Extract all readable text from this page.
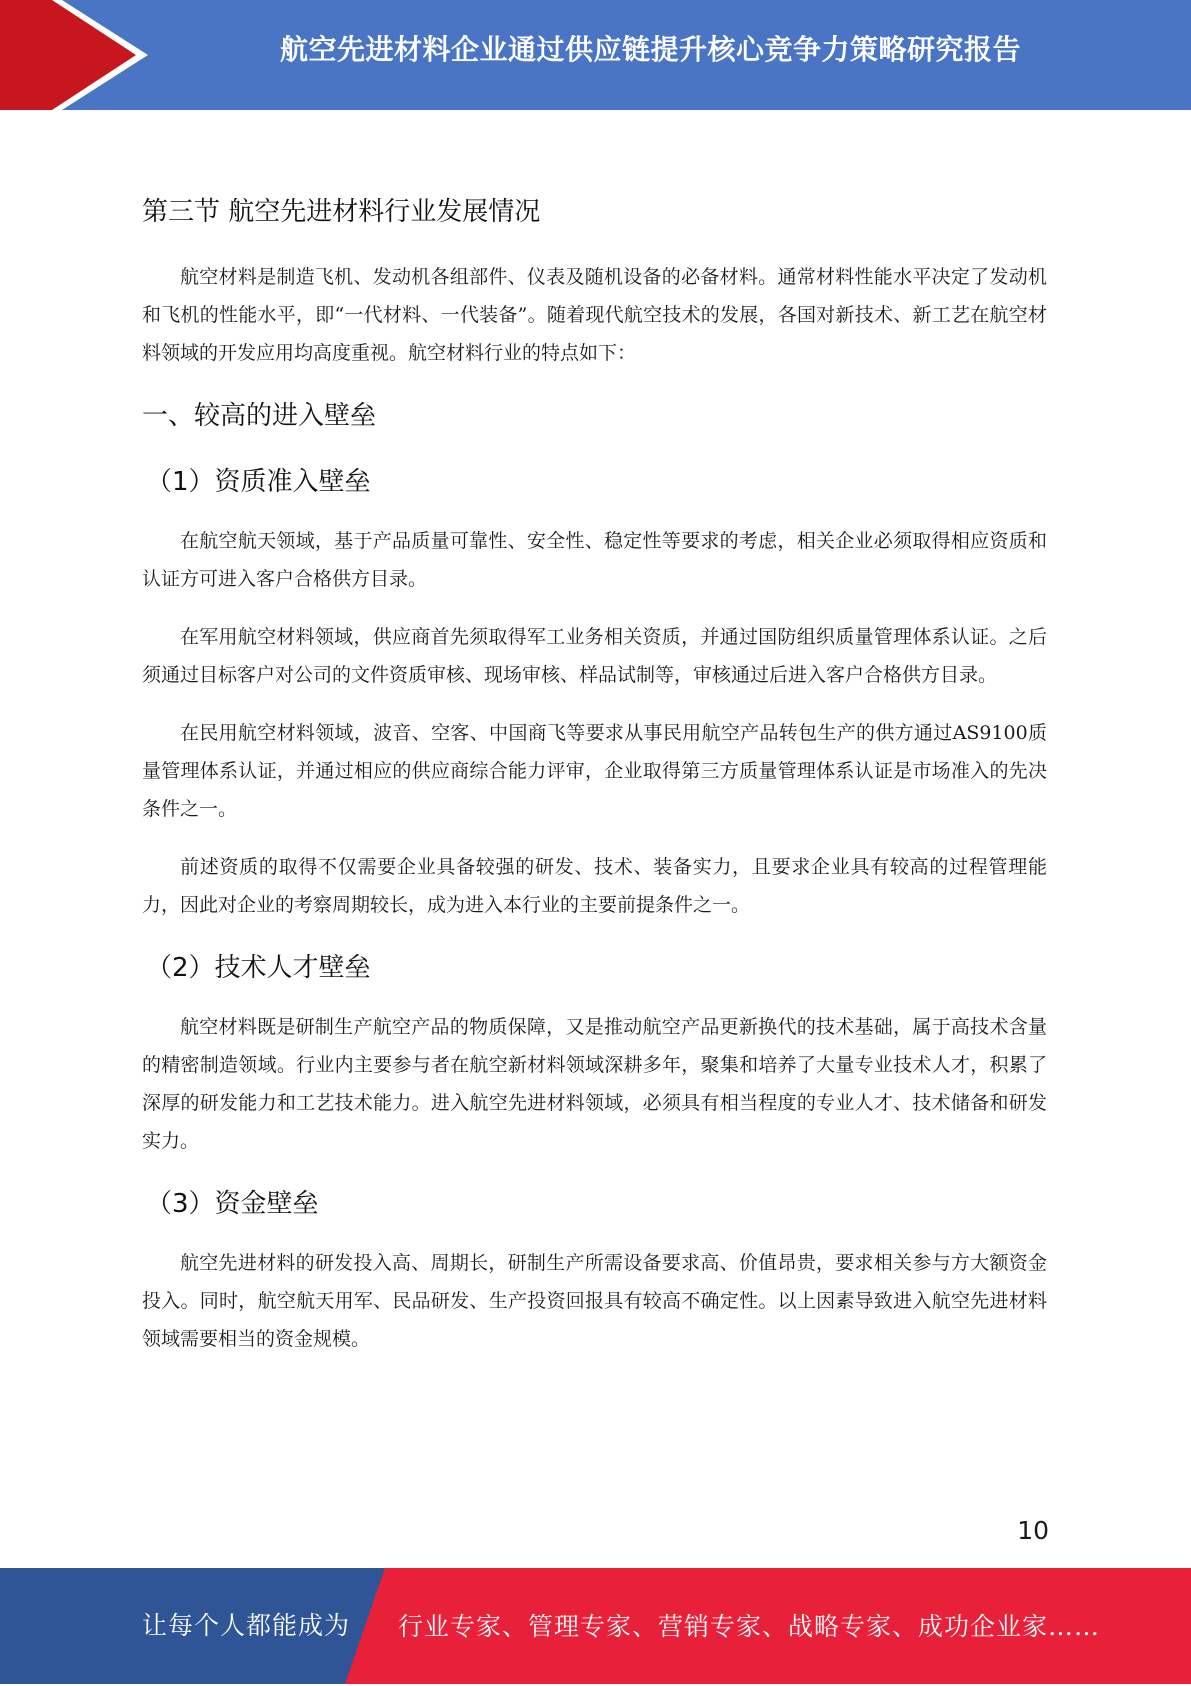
航空先进材料企业通过供应链提升核心竞争力策略研究报告
第三节 航空先进材料行业发展情况

航空材料是制造飞机、发动机各组部件、仪表及随机设备的必备材料。通常材料性能水平决定了发动机和飞机的性能水平，即“一代材料、一代装备”。随着现代航空技术的发展，各国对新技术、新工艺在航空材料领域的开发应用均高度重视。航空材料行业的特点如下：

一、较高的进入壁垒
（1）资质准入壁垒

在航空航天领域，基于产品质量可靠性、安全性、稳定性等要求的考虑，相关企业必须取得相应资质和认证方可进入客户合格供方目录。

在军用航空材料领域，供应商首先须取得军工业务相关资质，并通过国防组织质量管理体系认证。之后须通过目标客户对公司的文件资质审核、现场审核、样品试制等，审核通过后进入客户合格供方目录。

在民用航空材料领域，波音、空客、中国商飞等要求从事民用航空产品转包生产的供方通过AS9100质量管理体系认证，并通过相应的供应商综合能力评审，企业取得第三方质量管理体系认证是市场准入的先决条件之一。

前述资质的取得不仅需要企业具备较强的研发、技术、装备实力，且要求企业具有较高的过程管理能力，因此对企业的考察周期较长，成为进入本行业的主要前提条件之一。

（2）技术人才壁垒

航空材料既是研制生产航空产品的物质保障，又是推动航空产品更新换代的技术基础，属于高技术含量的精密制造领域。行业内主要参与者在航空新材料领域深耕多年，聚集和培养了大量专业技术人才，积累了深厚的研发能力和工艺技术能力。进入航空先进材料领域，必须具有相当程度的专业人才、技术储备和研发实力。

（3）资金壁垒

航空先进材料的研发投入高、周期长，研制生产所需设备要求高、价值昂贵，要求相关参与方大额资金投入。同时，航空航天用军、民品研发、生产投资回报具有较高不确定性。以上因素导致进入航空先进材料领域需要相当的资金规模。

10
让每个人都能成为 行业专家、管理专家、营销专家、战略专家、成功企业家……
